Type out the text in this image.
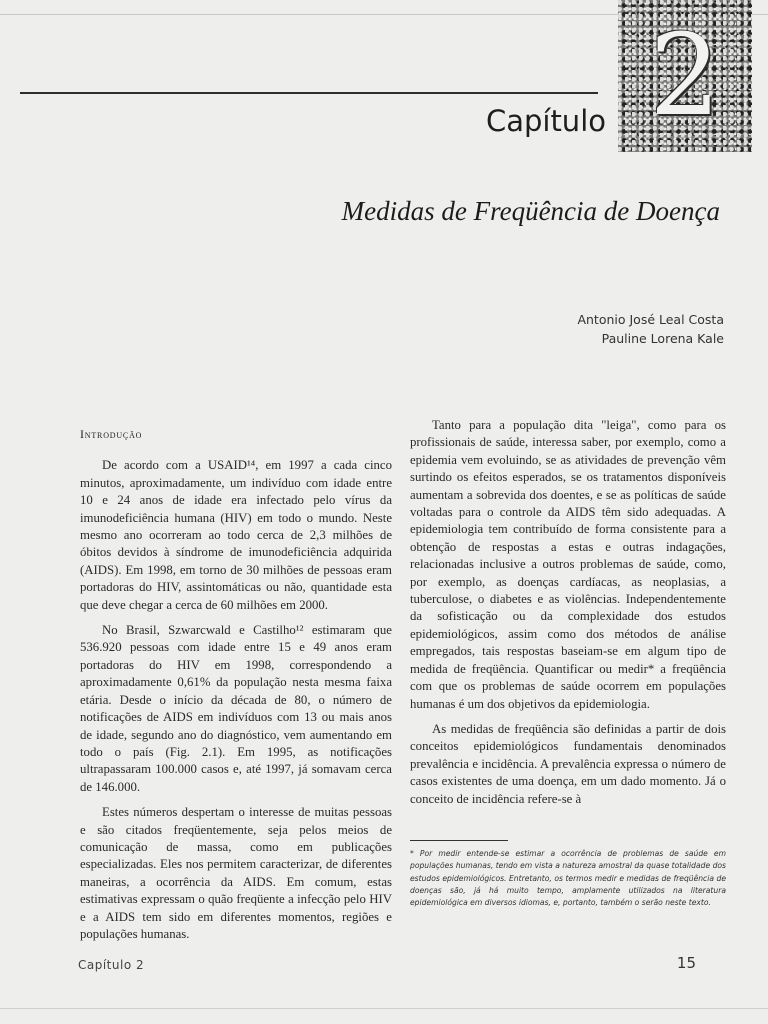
2
Capítulo
Medidas de Freqüência de Doença
Antonio José Leal Costa
Pauline Lorena Kale
Introdução

De acordo com a USAID¹⁴, em 1997 a cada cinco minutos, aproximadamente, um indivíduo com idade entre 10 e 24 anos de idade era infectado pelo vírus da imunodeficiência humana (HIV) em todo o mundo. Neste mesmo ano ocorreram ao todo cerca de 2,3 milhões de óbitos devidos à síndrome de imunodeficiência adquirida (AIDS). Em 1998, em torno de 30 milhões de pessoas eram portadoras do HIV, assintomáticas ou não, quantidade esta que deve chegar a cerca de 60 milhões em 2000.

No Brasil, Szwarcwald e Castilho¹² estimaram que 536.920 pessoas com idade entre 15 e 49 anos eram portadoras do HIV em 1998, correspondendo a aproximadamente 0,61% da população nesta mesma faixa etária. Desde o início da década de 80, o número de notificações de AIDS em indivíduos com 13 ou mais anos de idade, segundo ano do diagnóstico, vem aumentando em todo o país (Fig. 2.1). Em 1995, as notificações ultrapassaram 100.000 casos e, até 1997, já somavam cerca de 146.000.

Estes números despertam o interesse de muitas pessoas e são citados freqüentemente, seja pelos meios de comunicação de massa, como em publicações especializadas. Eles nos permitem caracterizar, de diferentes maneiras, a ocorrência da AIDS. Em comum, estas estimativas expressam o quão freqüente a infecção pelo HIV e a AIDS tem sido em diferentes momentos, regiões e populações humanas.

Tanto para a população dita "leiga", como para os profissionais de saúde, interessa saber, por exemplo, como a epidemia vem evoluindo, se as atividades de prevenção vêm surtindo os efeitos esperados, se os tratamentos disponíveis aumentam a sobrevida dos doentes, e se as políticas de saúde voltadas para o controle da AIDS têm sido adequadas. A epidemiologia tem contribuído de forma consistente para a obtenção de respostas a estas e outras indagações, relacionadas inclusive a outros problemas de saúde, como, por exemplo, as doenças cardíacas, as neoplasias, a tuberculose, o diabetes e as violências. Independentemente da sofisticação ou da complexidade dos estudos epidemiológicos, assim como dos métodos de análise empregados, tais respostas baseiam-se em algum tipo de medida de freqüência. Quantificar ou medir* a freqüência com que os problemas de saúde ocorrem em populações humanas é um dos objetivos da epidemiologia.

As medidas de freqüência são definidas a partir de dois conceitos epidemiológicos fundamentais denominados prevalência e incidência. A prevalência expressa o número de casos existentes de uma doença, em um dado momento. Já o conceito de incidência refere-se à

* Por medir entende-se estimar a ocorrência de problemas de saúde em populações humanas, tendo em vista a natureza amostral da quase totalidade dos estudos epidemiológicos. Entretanto, os termos medir e medidas de freqüência de doenças são, já há muito tempo, amplamente utilizados na literatura epidemiológica em diversos idiomas, e, portanto, também o serão neste texto.
Capítulo 2	15
